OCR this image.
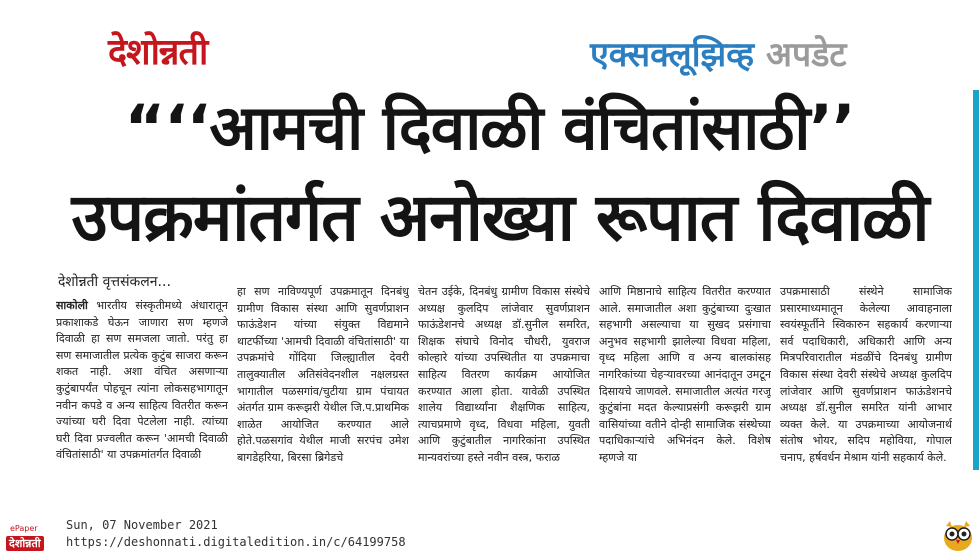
देशोन्नती	एक्सक्लूझिव्ह अपडेट
“‘‘आमची दिवाळी वंचितांसाठी’’
उपक्रमांतर्गत अनोख्या रूपात दिवाळी
देशोन्नती वृत्तसंकलन...
साकोली भारतीय संस्कृतीमध्ये अंधारातून प्रकाशाकडे घेऊन जाणारा सण म्हणजे दिवाळी हा सण समजला जातो. परंतु हा सण समाजातील प्रत्येक कुटुंब साजरा करून शकत नाही. अशा वंचित असणाऱ्या कुटुंबापर्यंत पोहचून त्यांना लोकसहभागातून नवीन कपडे व अन्य साहित्य वितरीत करून ज्यांच्या घरी दिवा पेटलेला नाही. त्यांच्या घरी दिवा प्रज्वलीत करून 'आमची दिवाळी वंचितांसाठी' या उपक्रमांतर्गत दिवाळी
हा सण नाविण्यपूर्ण उपक्रमातून दिनबंधु ग्रामीण विकास संस्था आणि सुवर्णप्राशन फाऊंडेशन यांच्या संयुक्त विद्यमाने थाटर्फीच्या 'आमची दिवाळी वंचितांसाठी' या उपक्रमांचे गोंदिया जिल्ह्यातील देवरी तालुक्यातील अतिसंवेदनशील नक्षलग्रस्त भागातील पळसगांव/चुटीया ग्राम पंचायत अंतर्गत ग्राम करूझरी येथील जि.प.प्राथमिक शाळेत आयोजित करण्यात आले होते.पळसगांव येथील माजी सरपंच उमेश बागडेहरिया, बिरसा ब्रिगेडचे
चेतन उईके, दिनबंधु ग्रामीण विकास संस्थेचे अध्यक्ष कुलदिप लांजेवार सुवर्णप्राशन फाऊंडेशनचे अध्यक्ष डॉ.सुनील समरित, शिक्षक संघाचे विनोद चौधरी, युवराज कोल्हारे यांच्या उपस्थितीत या उपक्रमाचा साहित्य वितरण कार्यक्रम आयोजित करण्यात आला होता. यावेळी उपस्थित शालेय विद्यार्थ्यांना शैक्षणिक साहित्य, त्याचप्रमाणे वृध्द, विधवा महिला, युवती आणि कुटुंबातील नागरिकांना उपस्थित मान्यवरांच्या हस्ते नवीन वस्त्र, फराळ
आणि मिष्ठानाचे साहित्य वितरीत करण्यात आले. समाजातील अशा कुटुंबाच्या दुःखात सहभागी असल्याचा या सुखद प्रसंगाचा अनुभव सहभागी झालेल्या विधवा महिला, वृध्द महिला आणि व अन्य बालकांसह नागरिकांच्या चेहऱ्यावरच्या आनंदातून उमटून दिसायचे जाणवले. समाजातील अत्यंत गरजू कुटुंबांना मदत केल्याप्रसंगी करूझरी ग्राम वासियांच्या वतीने दोन्ही सामाजिक संस्थेच्या पदाधिकाऱ्यांचे अभिनंदन केले. विशेष म्हणजे या
उपक्रमासाठी संस्थेने सामाजिक प्रसारमाध्यमातून केलेल्या आवाहनाला स्वयंस्फूर्तीने स्विकारुन सहकार्य करणाऱ्या सर्व पदाधिकारी, अधिकारी आणि अन्य मित्रपरिवारातील मंडळींचे दिनबंधु ग्रामीण विकास संस्था देवरी संस्थेचे अध्यक्ष कुलदिप लांजेवार आणि सुवर्णप्राशन फाऊंडेशनचे अध्यक्ष डॉ.सुनील समरित यांनी आभार व्यक्त केले. या उपक्रमाच्या आयोजनार्थ संतोष भोयर, सदिप महोविया, गोपाल चनाप, हर्षवर्धन मेश्राम यांनी सहकार्य केले.
ePaper
देशोन्नती
Sun, 07 November 2021
https://deshonnati.digitaledition.in/c/64199758
